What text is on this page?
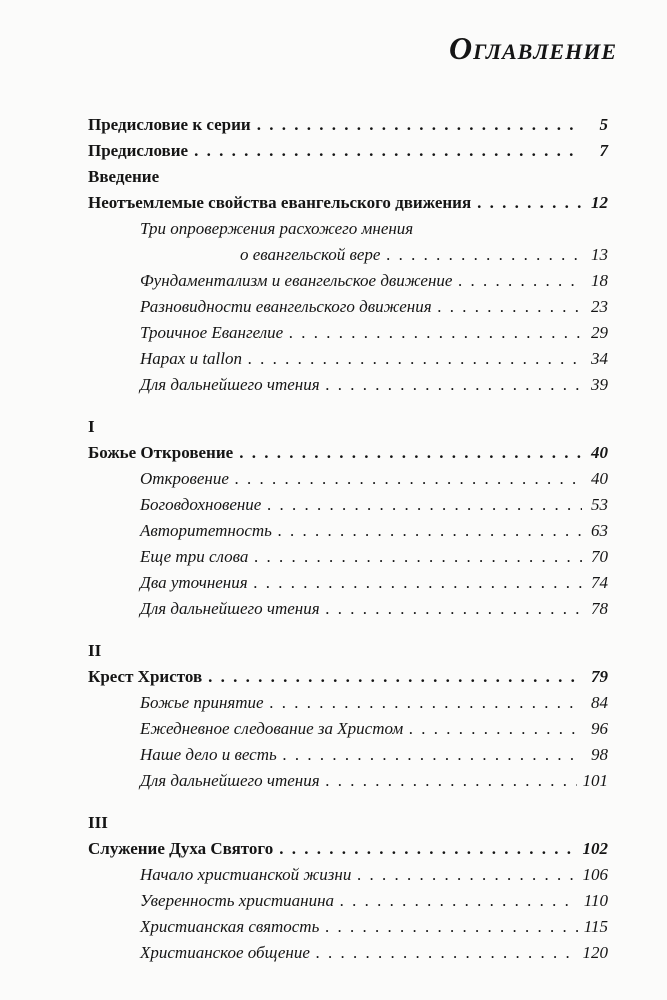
Оглавление
Предисловие к серии . . .	5
Предисловие . . .	7
Введение
Неотъемлемые свойства евангельского движения . . .	12
Три опровержения расхожего мнения
о евангельской вере . . .	13
Фундаментализм и евангельское движение . . .	18
Разновидности евангельского движения . . .	23
Троичное Евангелие . . .	29
Нарах и tallon . . .	34
Для дальнейшего чтения . . .	39
I
Божье Откровение . . .	40
Откровение . . .	40
Боговдохновение . . .	53
Авторитетность . . .	63
Еще три слова . . .	70
Два уточнения . . .	74
Для дальнейшего чтения . . .	78
II
Крест Христов . . .	79
Божье принятие . . .	84
Ежедневное следование за Христом . . .	96
Наше дело и весть . . .	98
Для дальнейшего чтения . . .	101
III
Служение Духа Святого . . .	102
Начало христианской жизни . . .	106
Уверенность христианина . . .	110
Христианская святость . . .	115
Христианское общение . . .	120
